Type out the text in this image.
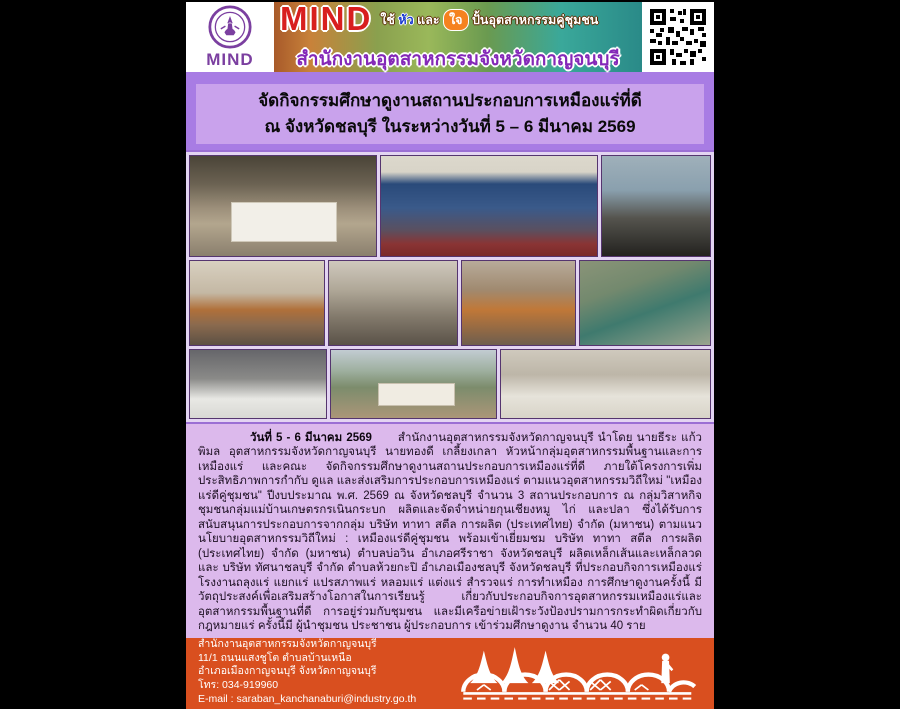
MIND
MIND ใช้ หัว และ ใจ ปั้นอุตสาหกรรมคู่ชุมชน
สำนักงานอุตสาหกรรมจังหวัดกาญจนบุรี
จัดกิจกรรมศึกษาดูงานสถานประกอบการเหมืองแร่ที่ดี
ณ จังหวัดชลบุรี ในระหว่างวันที่ 5 – 6 มีนาคม 2569

วันที่ 5 - 6 มีนาคม 2569 สำนักงานอุตสาหกรรมจังหวัดกาญจนบุรี นำโดย นายธีระ แก้วพิมล อุตสาหกรรมจังหวัดกาญจนบุรี นายทองดี เกลี้ยงเกลา หัวหน้ากลุ่มอุตสาหกรรมพื้นฐานและการเหมืองแร่ และคณะ จัดกิจกรรมศึกษาดูงานสถานประกอบการเหมืองแร่ที่ดี ภายใต้โครงการเพิ่มประสิทธิภาพการกำกับ ดูแล และส่งเสริมการประกอบการเหมืองแร่ ตามแนวอุตสาหกรรมวิถีใหม่ "เหมืองแร่ดีคู่ชุมชน" ปีงบประมาณ พ.ศ. 2569 ณ จังหวัดชลบุรี จำนวน 3 สถานประกอบการ ณ กลุ่มวิสาหกิจชุมชนกลุ่มแม่บ้านเกษตรกรเนินกระบก ผลิตและจัดจำหน่ายกุนเชียงหมู ไก่ และปลา ซึ่งได้รับการสนับสนุนการประกอบการจากกลุ่ม บริษัท ทาทา สตีล การผลิต (ประเทศไทย) จำกัด (มหาชน) ตามแนวนโยบายอุตสาหกรรมวิถีใหม่ : เหมืองแร่ดีคู่ชุมชน พร้อมเข้าเยี่ยมชม บริษัท ทาทา สตีล การผลิต (ประเทศไทย) จำกัด (มหาชน) ตำบลบ่อวิน อำเภอศรีราชา จังหวัดชลบุรี ผลิตเหล็กเส้นและเหล็กลวด และ บริษัท ทัศนาชลบุรี จำกัด ตำบลห้วยกะปิ อำเภอเมืองชลบุรี จังหวัดชลบุรี ที่ประกอบกิจการเหมืองแร่ โรงงานถลุงแร่ แยกแร่ แปรสภาพแร่ หลอมแร่ แต่งแร่ สำรวจแร่ การทำเหมือง การศึกษาดูงานครั้งนี้ มีวัตถุประสงค์เพื่อเสริมสร้างโอกาสในการเรียนรู้ เกี่ยวกับประกอบกิจการอุตสาหกรรมเหมืองแร่และอุตสาหกรรมพื้นฐานที่ดี การอยู่ร่วมกับชุมชน และมีเครือข่ายเฝ้าระวังป้องปรามการกระทำผิดเกี่ยวกับกฎหมายแร่ ครั้งนี้มี ผู้นำชุมชน ประชาชน ผู้ประกอบการ เข้าร่วมศึกษาดูงาน จำนวน 40 ราย

สำนักงานอุตสาหกรรมจังหวัดกาญจนบุรี
11/1 ถนนแสงชูโต ตำบลบ้านเหนือ
อำเภอเมืองกาญจนบุรี จังหวัดกาญจนบุรี
โทร: 034-919960
E-mail : saraban_kanchanaburi@industry.go.th
